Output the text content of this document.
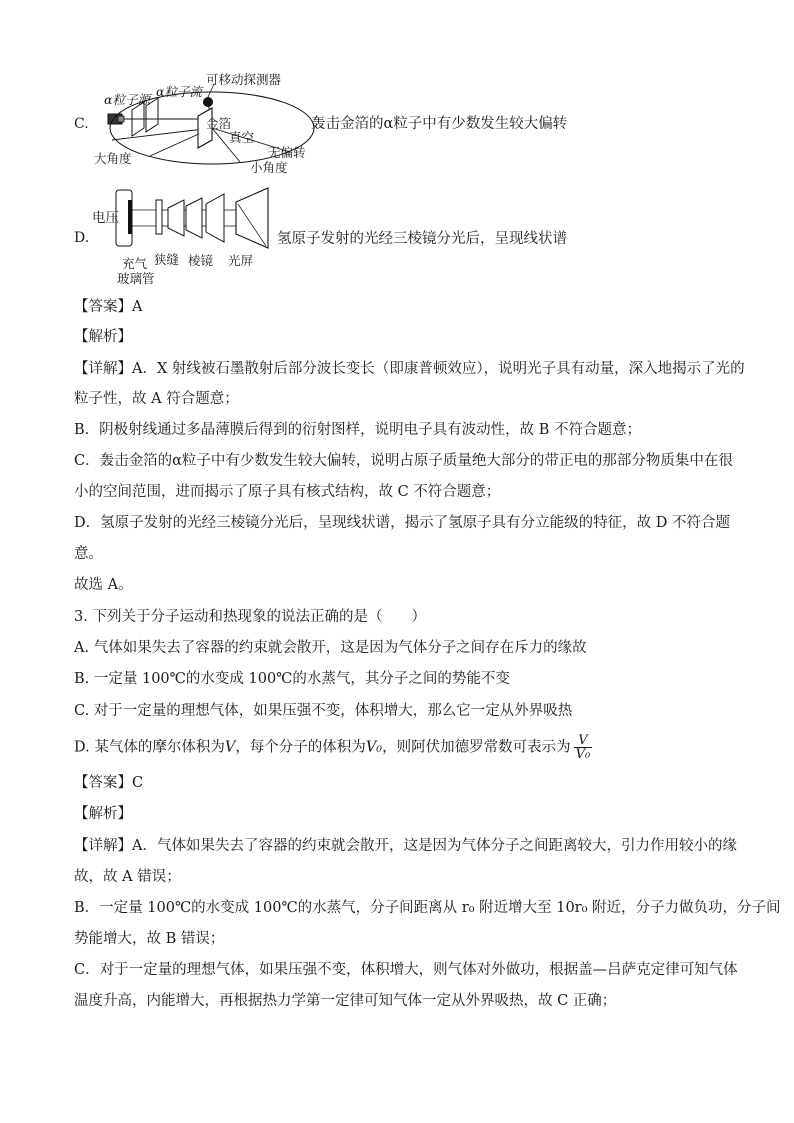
C.
可移动探测器
α粒子源
α粒子流
金箔
真空
无偏转
小角度
大角度
轰击金箔的α粒子中有少数发生较大偏转
D.
电压
充气
玻璃管
狭缝 棱镜 光屏
氢原子发射的光经三棱镜分光后，呈现线状谱
【答案】A
【解析】
【详解】A．X 射线被石墨散射后部分波长变长（即康普顿效应），说明光子具有动量，深入地揭示了光的
粒子性，故 A 符合题意；
B．阴极射线通过多晶薄膜后得到的衍射图样，说明电子具有波动性，故 B 不符合题意；
C．轰击金箔的α粒子中有少数发生较大偏转，说明占原子质量绝大部分的带正电的那部分物质集中在很
小的空间范围，进而揭示了原子具有核式结构，故 C 不符合题意；
D．氢原子发射的光经三棱镜分光后，呈现线状谱，揭示了氢原子具有分立能级的特征，故 D 不符合题
意。
故选 A。
3. 下列关于分子运动和热现象的说法正确的是（　　）
A. 气体如果失去了容器的约束就会散开，这是因为气体分子之间存在斥力的缘故
B. 一定量 100℃的水变成 100℃的水蒸气，其分子之间的势能不变
C. 对于一定量的理想气体，如果压强不变，体积增大，那么它一定从外界吸热
D. 某气体的摩尔体积为V，每个分子的体积为V₀，则阿伏加德罗常数可表示为 $\frac{V}{\text{V₀}}$
【答案】C
【解析】
【详解】A．气体如果失去了容器的约束就会散开，这是因为气体分子之间距离较大，引力作用较小的缘
故，故 A 错误；
B．一定量 100℃的水变成 100℃的水蒸气，分子间距离从 r₀ 附近增大至 10r₀ 附近，分子力做负功，分子间
势能增大，故 B 错误；
C．对于一定量的理想气体，如果压强不变，体积增大，则气体对外做功，根据盖—吕萨克定律可知气体
温度升高，内能增大，再根据热力学第一定律可知气体一定从外界吸热，故 C 正确；
